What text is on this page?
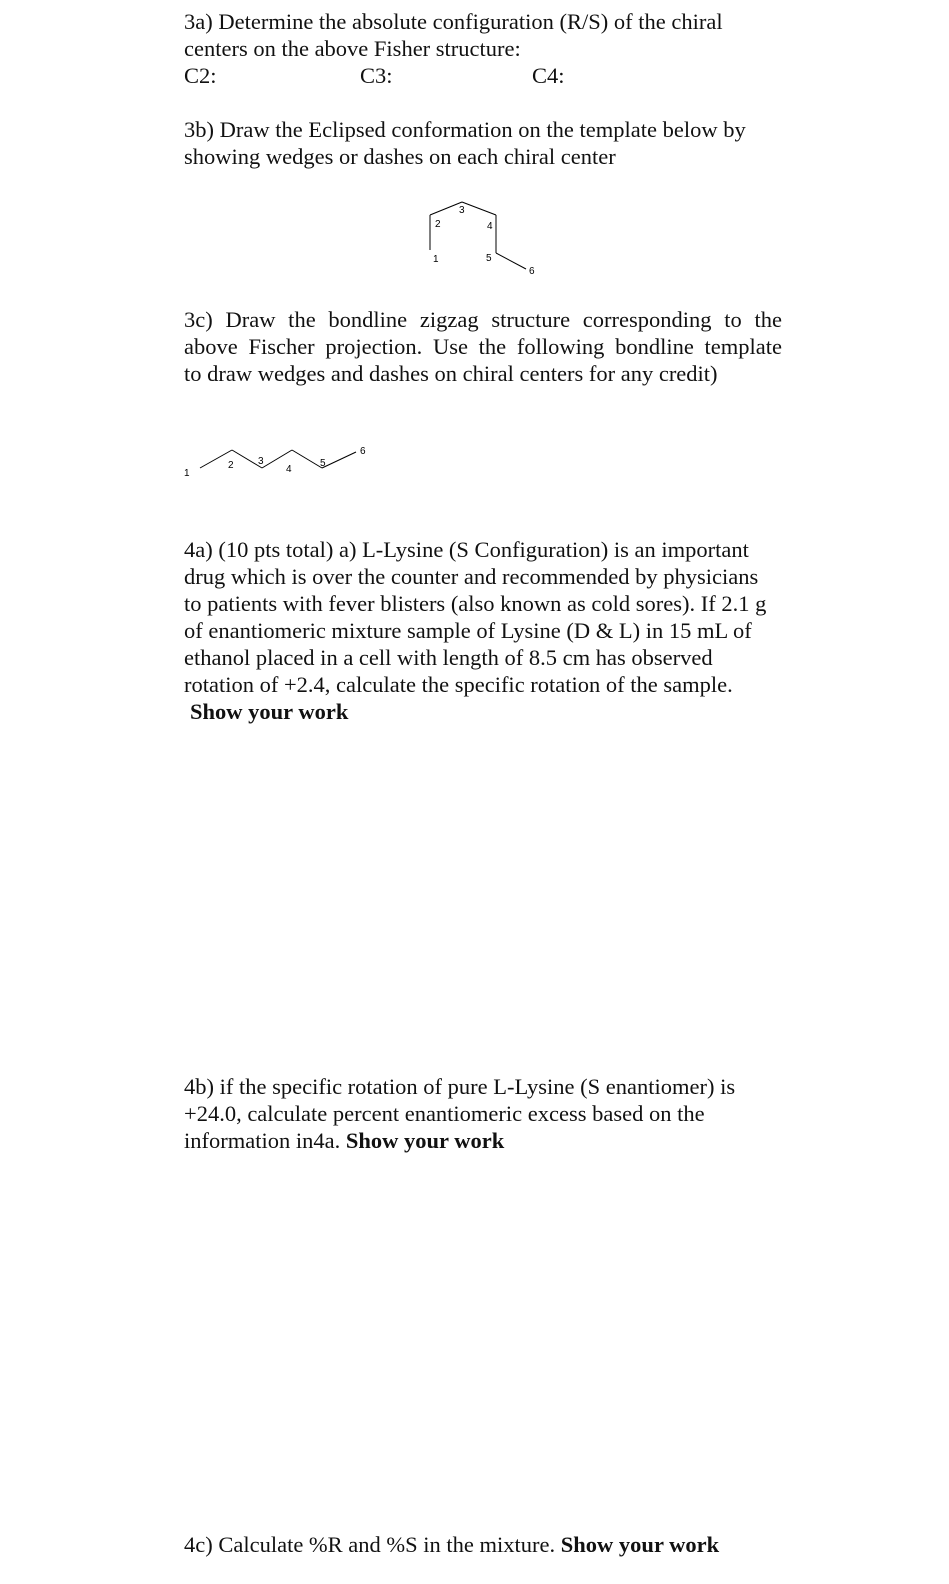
3a) Determine the absolute configuration (R/S) of the chiral
centers on the above Fisher structure:
C2:	C3:	C4:
3b) Draw the Eclipsed conformation on the template below by
showing wedges or dashes on each chiral center
1
2
3
4
5
6
3c) Draw the bondline zigzag structure corresponding to the
above Fischer projection. Use the following bondline template
to draw wedges and dashes on chiral centers for any credit)
1
2 3
4
5
6
4a) (10 pts total) a) L-Lysine (S Configuration) is an important
drug which is over the counter and recommended by physicians
to patients with fever blisters (also known as cold sores). If 2.1 g
of enantiomeric mixture sample of Lysine (D & L) in 15 mL of
ethanol placed in a cell with length of 8.5 cm has observed
rotation of +2.4, calculate the specific rotation of the sample.
Show your work
4b) if the specific rotation of pure L-Lysine (S enantiomer) is
+24.0, calculate percent enantiomeric excess based on the
information in4a. Show your work
4c) Calculate %R and %S in the mixture. Show your work
